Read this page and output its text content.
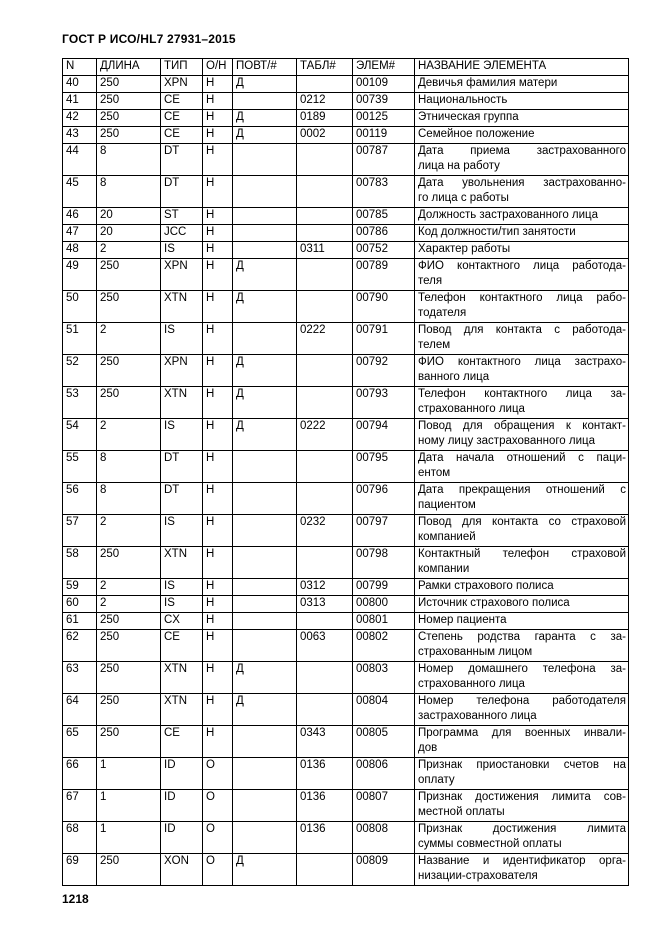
ГОСТ Р ИСО/HL7 27931–2015
N	ДЛИНА	ТИП	О/Н	ПОВТ/#	ТАБЛ#	ЭЛЕМ#	НАЗВАНИЕ ЭЛЕМЕНТА
40	250	XPN	Н	Д		00109	Девичья фамилия матери

41	250	CE	Н		0212	00739	Национальность

42	250	CE	Н	Д	0189	00125	Этническая группа

43	250	CE	Н	Д	0002	00119	Семейное положение

44	8	DT	Н			00787	Дата приема застрахованного
лица на работу

45	8	DT	Н			00783	Дата увольнения застрахованно-
го лица с работы

46	20	ST	Н			00785	Должность застрахованного лица

47	20	JCC	Н			00786	Код должности/тип занятости

48	2	IS	Н		0311	00752	Характер работы

49	250	XPN	Н	Д		00789	ФИО контактного лица работода-
теля

50	250	XTN	Н	Д		00790	Телефон контактного лица рабо-
тодателя

51	2	IS	Н		0222	00791	Повод для контакта с работода-
телем

52	250	XPN	Н	Д		00792	ФИО контактного лица застрахо-
ванного лица

53	250	XTN	Н	Д		00793	Телефон контактного лица за-
страхованного лица

54	2	IS	Н	Д	0222	00794	Повод для обращения к контакт-
ному лицу застрахованного лица

55	8	DT	Н			00795	Дата начала отношений с паци-
ентом

56	8	DT	Н			00796	Дата прекращения отношений с
пациентом

57	2	IS	Н		0232	00797	Повод для контакта со страховой
компанией

58	250	XTN	Н			00798	Контактный телефон страховой
компании

59	2	IS	Н		0312	00799	Рамки страхового полиса

60	2	IS	Н		0313	00800	Источник страхового полиса

61	250	CX	Н			00801	Номер пациента

62	250	CE	Н		0063	00802	Степень родства гаранта с за-
страхованным лицом

63	250	XTN	Н	Д		00803	Номер домашнего телефона за-
страхованного лица

64	250	XTN	Н	Д		00804	Номер телефона работодателя
застрахованного лица

65	250	CE	Н		0343	00805	Программа для военных инвали-
дов

66	1	ID	О		0136	00806	Признак приостановки счетов на
оплату

67	1	ID	О		0136	00807	Признак достижения лимита сов-
местной оплаты

68	1	ID	О		0136	00808	Признак достижения лимита
суммы совместной оплаты

69	250	XON	О	Д		00809	Название и идентификатор орга-
низации-страхователя
1218
